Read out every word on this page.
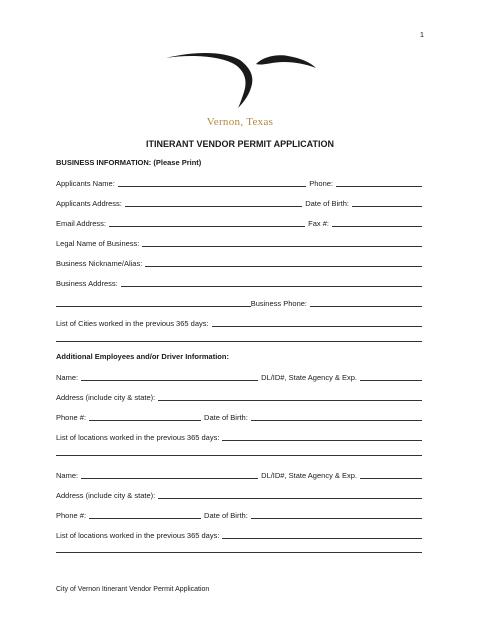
1
Vernon, Texas
ITINERANT VENDOR PERMIT APPLICATION
BUSINESS INFORMATION: (Please Print)
Applicants Name:	Phone:
Applicants Address:	Date of Birth:
Email Address:	Fax #:
Legal Name of Business:
Business Nickname/Alias:
Business Address:
Business Phone:
List of Cities worked in the previous 365 days:
Additional Employees and/or Driver Information:
Name:	DL/ID#, State Agency & Exp.
Address (include city & state):
Phone #:	Date of Birth:
List of locations worked in the previous 365 days:
Name:	DL/ID#, State Agency & Exp.
Address (include city & state):
Phone #:	Date of Birth:
List of locations worked in the previous 365 days:
City of Vernon Itinerant Vendor Permit Application
